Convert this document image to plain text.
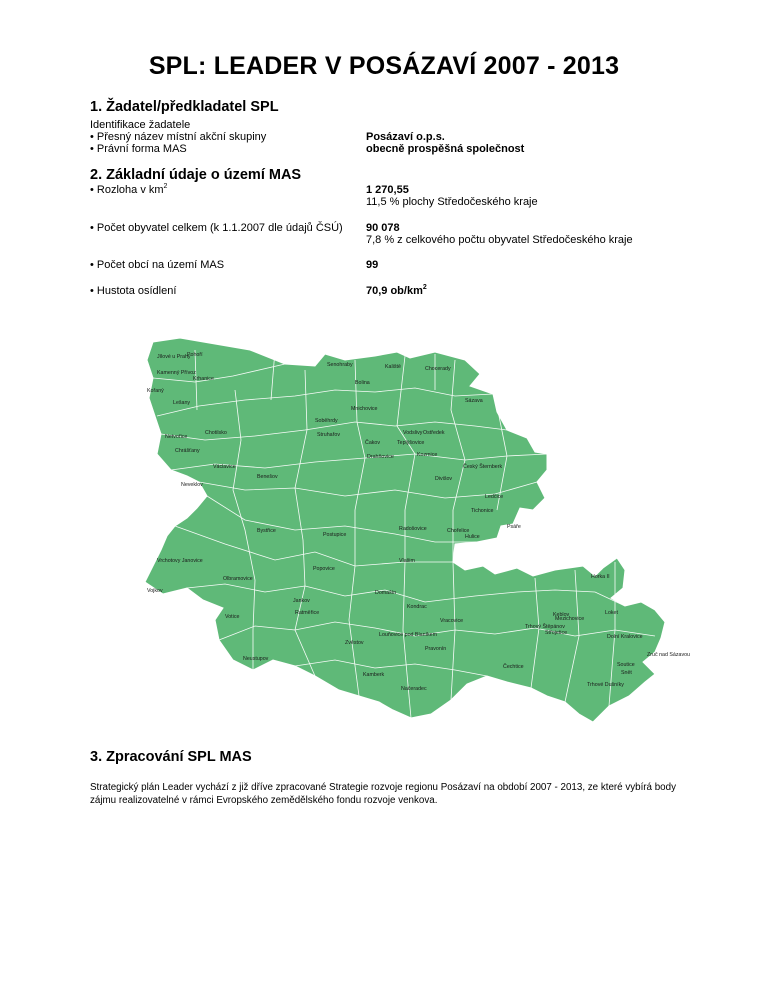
SPL: LEADER V POSÁZAVÍ 2007 - 2013
1. Žadatel/předkladatel SPL
Identifikace žadatele
• Přesný název místní akční skupiny	Posázaví o.p.s.
• Právní forma MAS	obecně prospěšná společnost
2. Základní údaje o území MAS
• Rozloha v $km^2$	1 270,55
11,5 % plochy Středočeského kraje
• Počet obyvatel celkem (k 1.1.2007 dle údajů ČSÚ) 90 078
7,8 % z celkového počtu obyvatel Středočeského kraje
• Počet obcí na území MAS	99
• Hustota osídlení	70,9 $ob/km^2$
Jílové u Prahy
Pohoří
Kamenný Přívoz
Krhanice
Kořaný
Lešany
Netvořice
Chotilsko
Chrášťany
Václavice
Neveklov
Benešov
Bystřice
Vrchotovy Janovice
Olbramovice
Vojkov
Votice
Neustupov
Jankov
Ratměřice
Zvěstov
Louňovice pod Blaníkem
Postupice
Popovice
Vlašim
Domašín
Kondrac
Vracovice
Pravonín
Kamberk
Načeradec
Čechtice
Mezichovice
Trhový Štěpánov
Střojetice
Loket
Dolní Kralovice
Zruč nad Sázavou
Senohraby	Kaliště	Chocerady
Sázava
Ostředek
Český Šternberk
Divišov
Drahňovice
Struhařov
Soběhrdy
Mnichovice
Teplýšovice
Čakov
Kozmice
Ledčice
Tichonice
Vodslivy
Horka II
Bolina
Trhové Dušníky
Soutice
Snět
Keblov
Psáře
Radošovice
Hulice
Chořelice
3. Zpracování SPL MAS
Strategický plán Leader vychází z již dříve zpracované Strategie rozvoje regionu Posázaví na období 2007 - 2013, ze které vybírá body zájmu realizovatelné v rámci Evropského zemědělského fondu rozvoje venkova.
